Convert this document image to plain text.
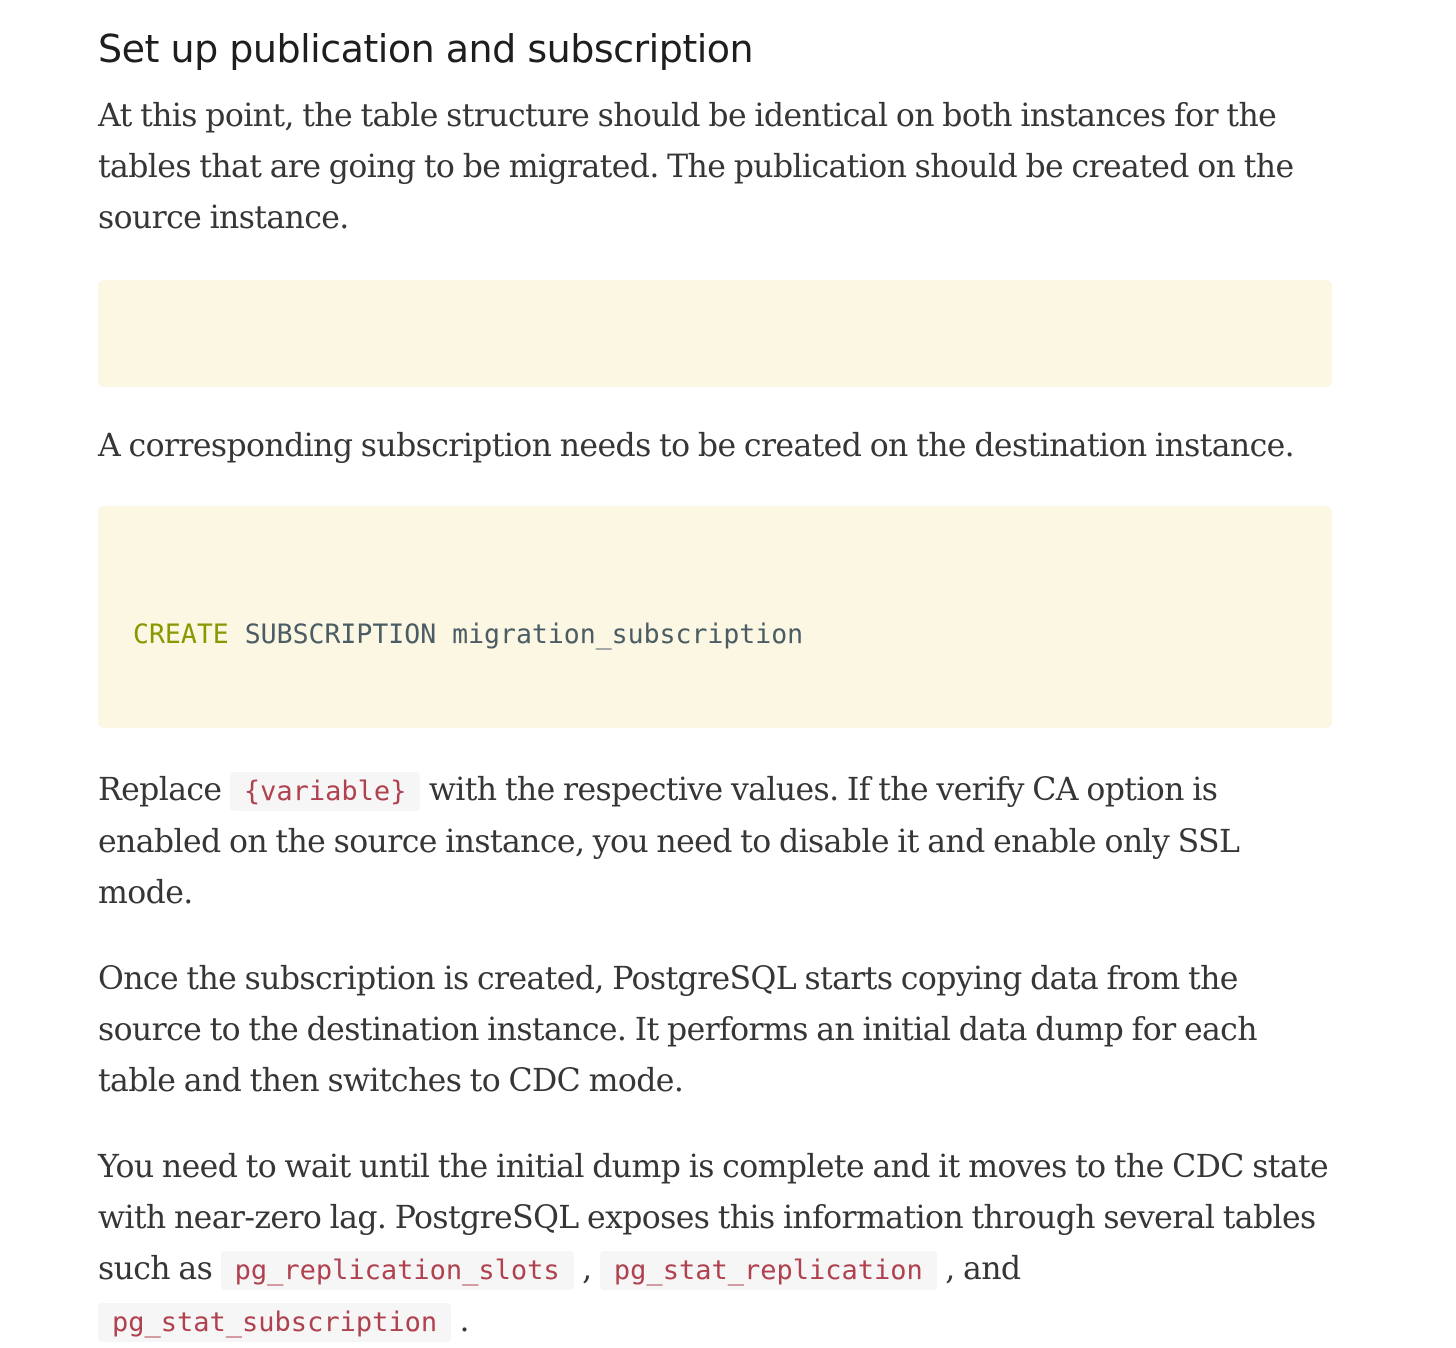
Set up publication and subscription

At this point, the table structure should be identical on both instances for the tables that are going to be migrated. The publication should be created on the source instance.

A corresponding subscription needs to be created on the destination instance.

CREATE SUBSCRIPTION migration_subscription

Replace {variable} with the respective values. If the verify CA option is enabled on the source instance, you need to disable it and enable only SSL mode.

Once the subscription is created, PostgreSQL starts copying data from the source to the destination instance. It performs an initial data dump for each table and then switches to CDC mode.

You need to wait until the initial dump is complete and it moves to the CDC state with near-zero lag. PostgreSQL exposes this information through several tables such as pg_replication_slots , pg_stat_replication , and pg_stat_subscription .
